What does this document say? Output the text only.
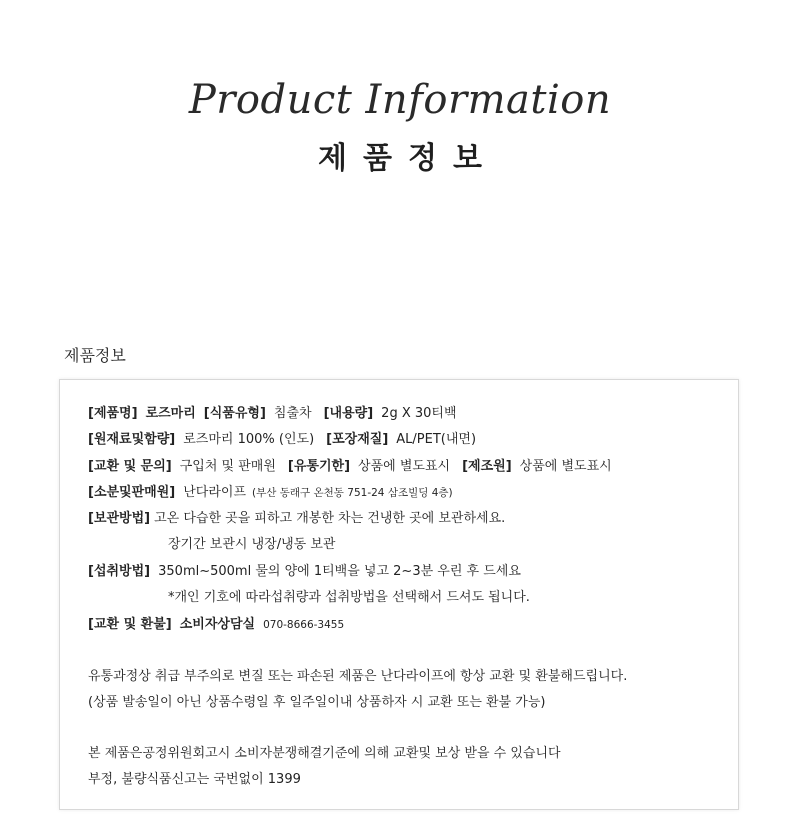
Product Information
제품정보
제품정보
[제품명] 로즈마리 [식품유형] 침출차 [내용량] 2g X 30티백
[원재료및함량] 로즈마리 100% (인도) [포장재질] AL/PET(내면)
[교환 및 문의] 구입처 및 판매원 [유통기한] 상품에 별도표시 [제조원] 상품에 별도표시
[소분및판매원] 난다라이프 (부산 동래구 온천동 751-24 삼조빌딩 4층)
[보관방법] 고온 다습한 곳을 피하고 개봉한 차는 건냉한 곳에 보관하세요.
장기간 보관시 냉장/냉동 보관
[섭취방법] 350ml~500ml 물의 양에 1티백을 넣고 2~3분 우린 후 드세요
*개인 기호에 따라섭취량과 섭취방법을 선택해서 드셔도 됩니다.
[교환 및 환불] 소비자상담실 070-8666-3455
유통과정상 취급 부주의로 변질 또는 파손된 제품은 난다라이프에 항상 교환 및 환불해드립니다.
(상품 발송일이 아닌 상품수령일 후 일주일이내 상품하자 시 교환 또는 환불 가능)
본 제품은공정위원회고시 소비자분쟁해결기준에 의해 교환및 보상 받을 수 있습니다
부정, 불량식품신고는 국번없이 1399
